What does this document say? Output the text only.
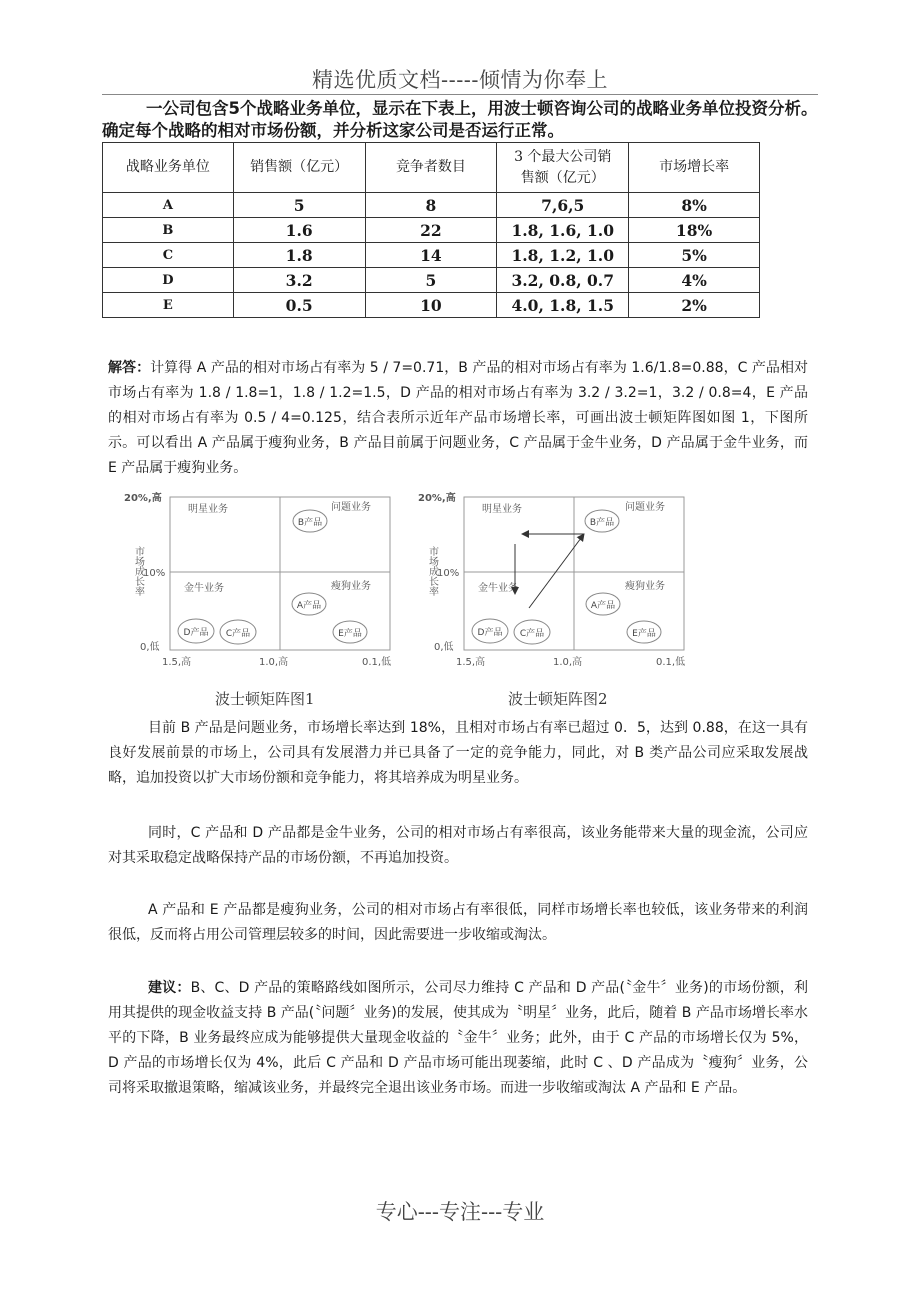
精选优质文档-----倾情为你奉上
一公司包含5个战略业务单位，显示在下表上，用波士顿咨询公司的战略业务单位投资分析。确定每个战略的相对市场份额，并分析这家公司是否运行正常。
战略业务单位	销售额（亿元）	竞争者数目	3 个最大公司销售额（亿元）	市场增长率
A	5	8	7,6,5	8%
B	1.6	22	1.8, 1.6, 1.0	18%
C	1.8	14	1.8, 1.2, 1.0	5%
D	3.2	5	3.2, 0.8, 0.7	4%
E	0.5	10	4.0, 1.8, 1.5	2%
解答：计算得 A 产品的相对市场占有率为 5 / 7=0.71，B 产品的相对市场占有率为 1.6/1.8=0.88，C 产品相对市场占有率为 1.8 / 1.8=1，1.8 / 1.2=1.5，D 产品的相对市场占有率为 3.2 / 3.2=1，3.2 / 0.8=4，E 产品的相对市场占有率为 0.5 / 4=0.125，结合表所示近年产品市场增长率，可画出波士顿矩阵图如图 1，下图所示。可以看出 A 产品属于瘦狗业务，B 产品目前属于问题业务，C 产品属于金牛业务，D 产品属于金牛业务，而 E 产品属于瘦狗业务。
20%,高
10%
0,低
市场成长率
1.5,高	1.0,高	0.1,低
明星业务	问题业务
金牛业务	瘦狗业务
B产品
A产品
D产品 C产品	E产品
20%,高
10%
0,低
市场成长率
1.5,高	1.0,高	0.1,低
明星业务	问题业务
金牛业务	瘦狗业务
B产品
A产品
D产品 C产品	E产品
波士顿矩阵图1	波士顿矩阵图2
目前 B 产品是问题业务，市场增长率达到 18%，且相对市场占有率已超过 0．5，达到 0.88，在这一具有良好发展前景的市场上，公司具有发展潜力并已具备了一定的竞争能力，同此，对 B 类产品公司应采取发展战略，追加投资以扩大市场份额和竞争能力，将其培养成为明星业务。
同时，C 产品和 D 产品都是金牛业务，公司的相对市场占有率很高，该业务能带来大量的现金流，公司应对其采取稳定战略保持产品的市场份额，不再追加投资。
A 产品和 E 产品都是瘦狗业务，公司的相对市场占有率很低，同样市场增长率也较低，该业务带来的利润很低，反而将占用公司管理层较多的时间，因此需要进一步收缩或淘汰。
建议：B、C、D 产品的策略路线如图所示，公司尽力维持 C 产品和 D 产品(〝金牛〞业务)的市场份额，利用其提供的现金收益支持 B 产品(〝问题〞业务)的发展，使其成为〝明星〞业务，此后，随着 B 产品市场增长率水平的下降，B 业务最终应成为能够提供大量现金收益的〝金牛〞业务；此外，由于 C 产品的市场增长仅为 5%，D 产品的市场增长仅为 4%，此后 C 产品和 D 产品市场可能出现萎缩，此时 C 、D 产品成为〝瘦狗〞业务，公司将采取撤退策略，缩减该业务，并最终完全退出该业务市场。而进一步收缩或淘汰 A 产品和 E 产品。
专心---专注---专业
